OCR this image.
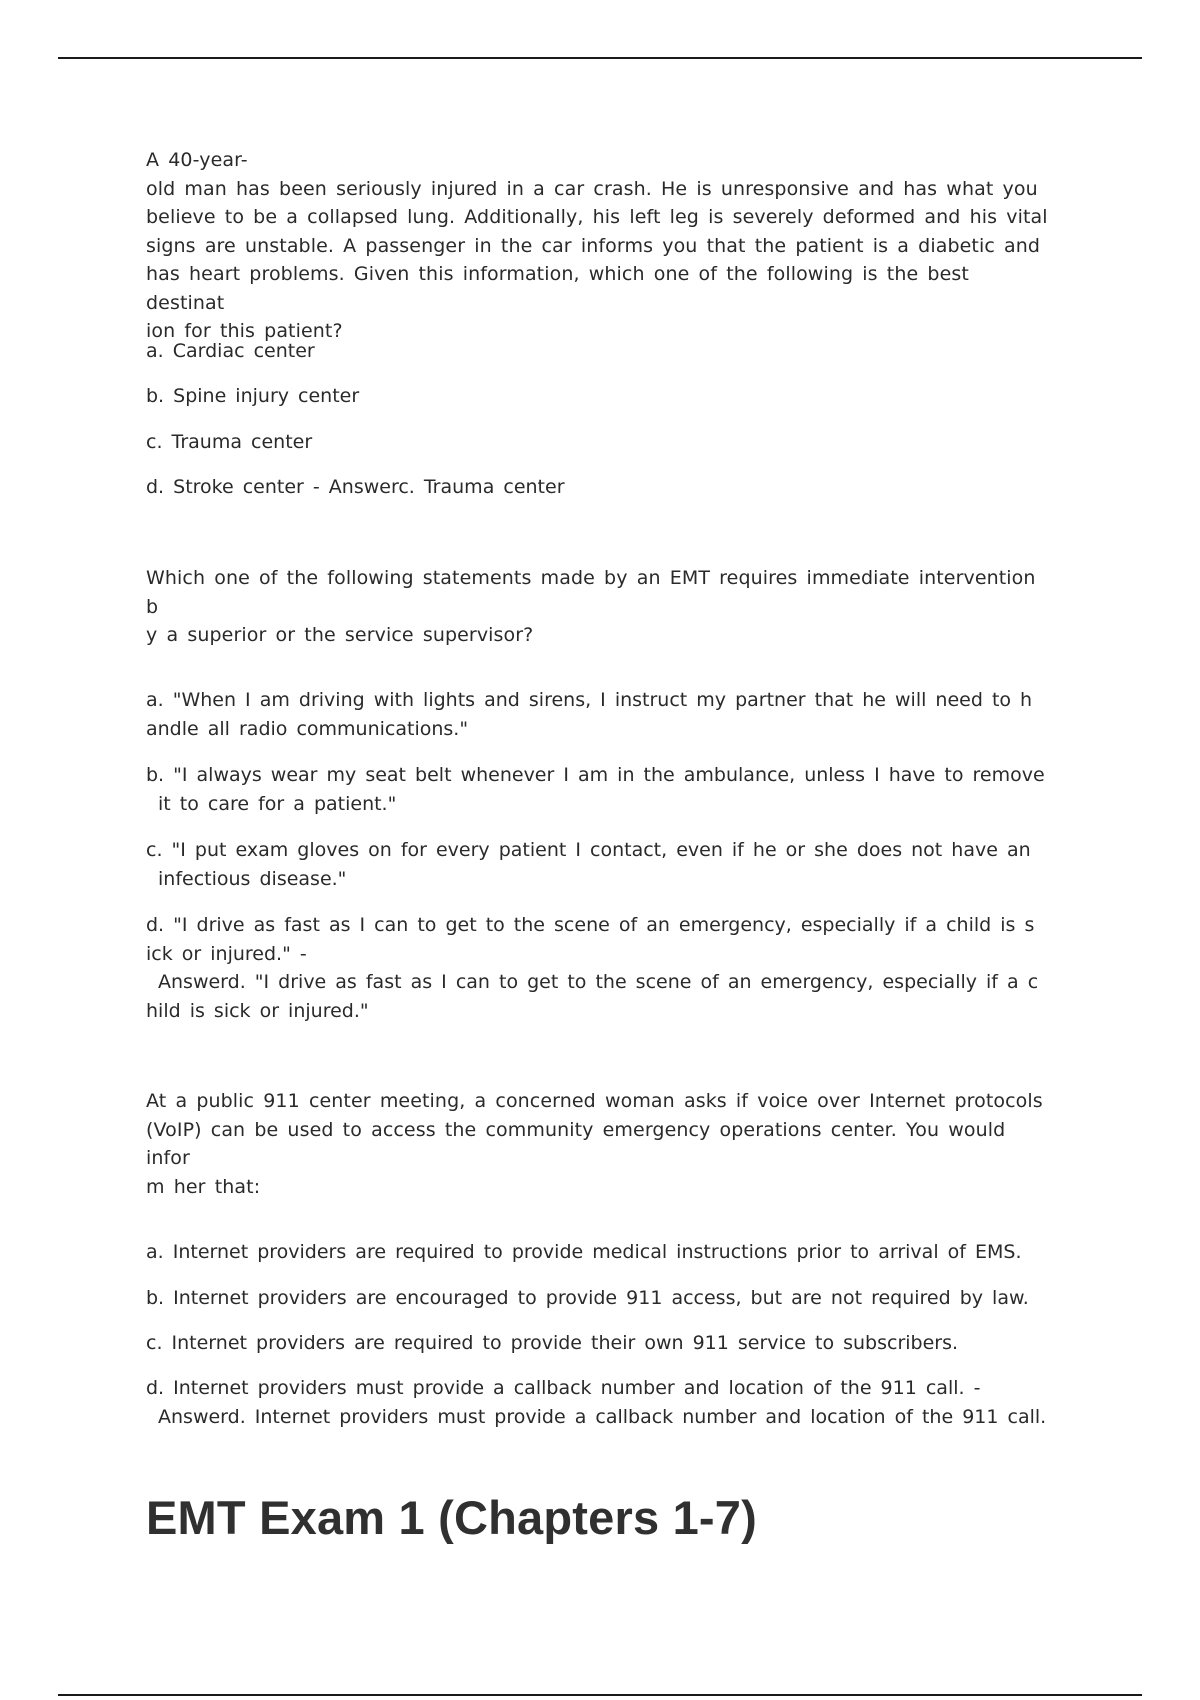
A 40-year-
old man has been seriously injured in a car crash. He is unresponsive and has what you
believe to be a collapsed lung. Additionally, his left leg is severely deformed and his vital
signs are unstable. A passenger in the car informs you that the patient is a diabetic and
has heart problems. Given this information, which one of the following is the best destinat
ion for this patient?
a. Cardiac center
b. Spine injury center
c. Trauma center
d. Stroke center - Answerc. Trauma center
Which one of the following statements made by an EMT requires immediate intervention b
y a superior or the service supervisor?
a. "When I am driving with lights and sirens, I instruct my partner that he will need to h
andle all radio communications."
b. "I always wear my seat belt whenever I am in the ambulance, unless I have to remove
it to care for a patient."
c. "I put exam gloves on for every patient I contact, even if he or she does not have an
infectious disease."
d. "I drive as fast as I can to get to the scene of an emergency, especially if a child is s
ick or injured." -
Answerd. "I drive as fast as I can to get to the scene of an emergency, especially if a c
hild is sick or injured."
At a public 911 center meeting, a concerned woman asks if voice over Internet protocols
(VoIP) can be used to access the community emergency operations center. You would infor
m her that:
a. Internet providers are required to provide medical instructions prior to arrival of EMS.
b. Internet providers are encouraged to provide 911 access, but are not required by law.
c. Internet providers are required to provide their own 911 service to subscribers.
d. Internet providers must provide a callback number and location of the 911 call. -
Answerd. Internet providers must provide a callback number and location of the 911 call.
EMT Exam 1 (Chapters 1-7)
